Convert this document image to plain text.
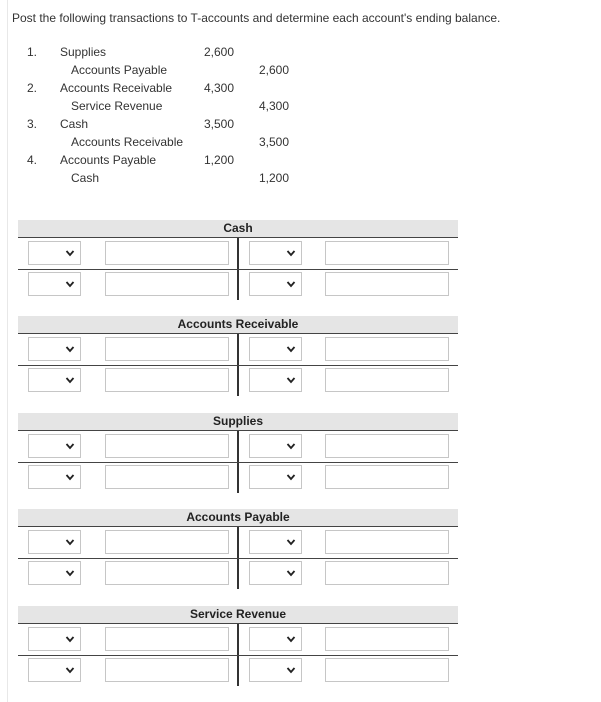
Post the following transactions to T-accounts and determine each account's ending balance.
1. Supplies	2,600
Accounts Payable	2,600
2. Accounts Receivable	4,300
Service Revenue	4,300
3. Cash	3,500
Accounts Receivable	3,500
4. Accounts Payable	1,200
Cash	1,200
Cash
Accounts Receivable
Supplies
Accounts Payable
Service Revenue
